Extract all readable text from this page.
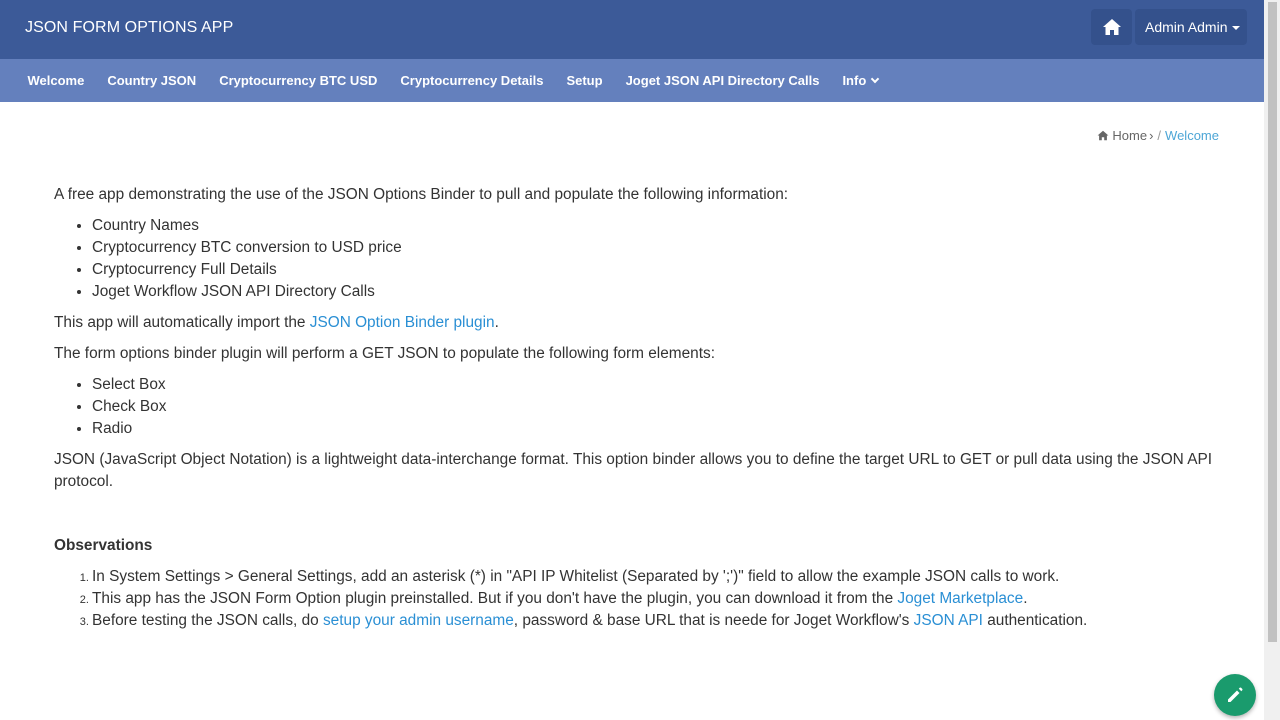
JSON FORM OPTIONS APP	Admin Admin
Welcome	Country JSON	Cryptocurrency BTC USD	Cryptocurrency Details	Setup	Joget JSON API Directory Calls	Info
Home › / Welcome

A free app demonstrating the use of the JSON Options Binder to pull and populate the following information:

• Country Names
• Cryptocurrency BTC conversion to USD price
• Cryptocurrency Full Details
• Joget Workflow JSON API Directory Calls

This app will automatically import the JSON Option Binder plugin.

The form options binder plugin will perform a GET JSON to populate the following form elements:

• Select Box
• Check Box
• Radio

JSON (JavaScript Object Notation) is a lightweight data-interchange format. This option binder allows you to define the target URL to GET or pull data using the JSON API protocol.

Observations

1. In System Settings > General Settings, add an asterisk (*) in "API IP Whitelist (Separated by ';')" field to allow the example JSON calls to work.
2. This app has the JSON Form Option plugin preinstalled. But if you don't have the plugin, you can download it from the Joget Marketplace.
3. Before testing the JSON calls, do setup your admin username, password & base URL that is neede for Joget Workflow's JSON API authentication.
